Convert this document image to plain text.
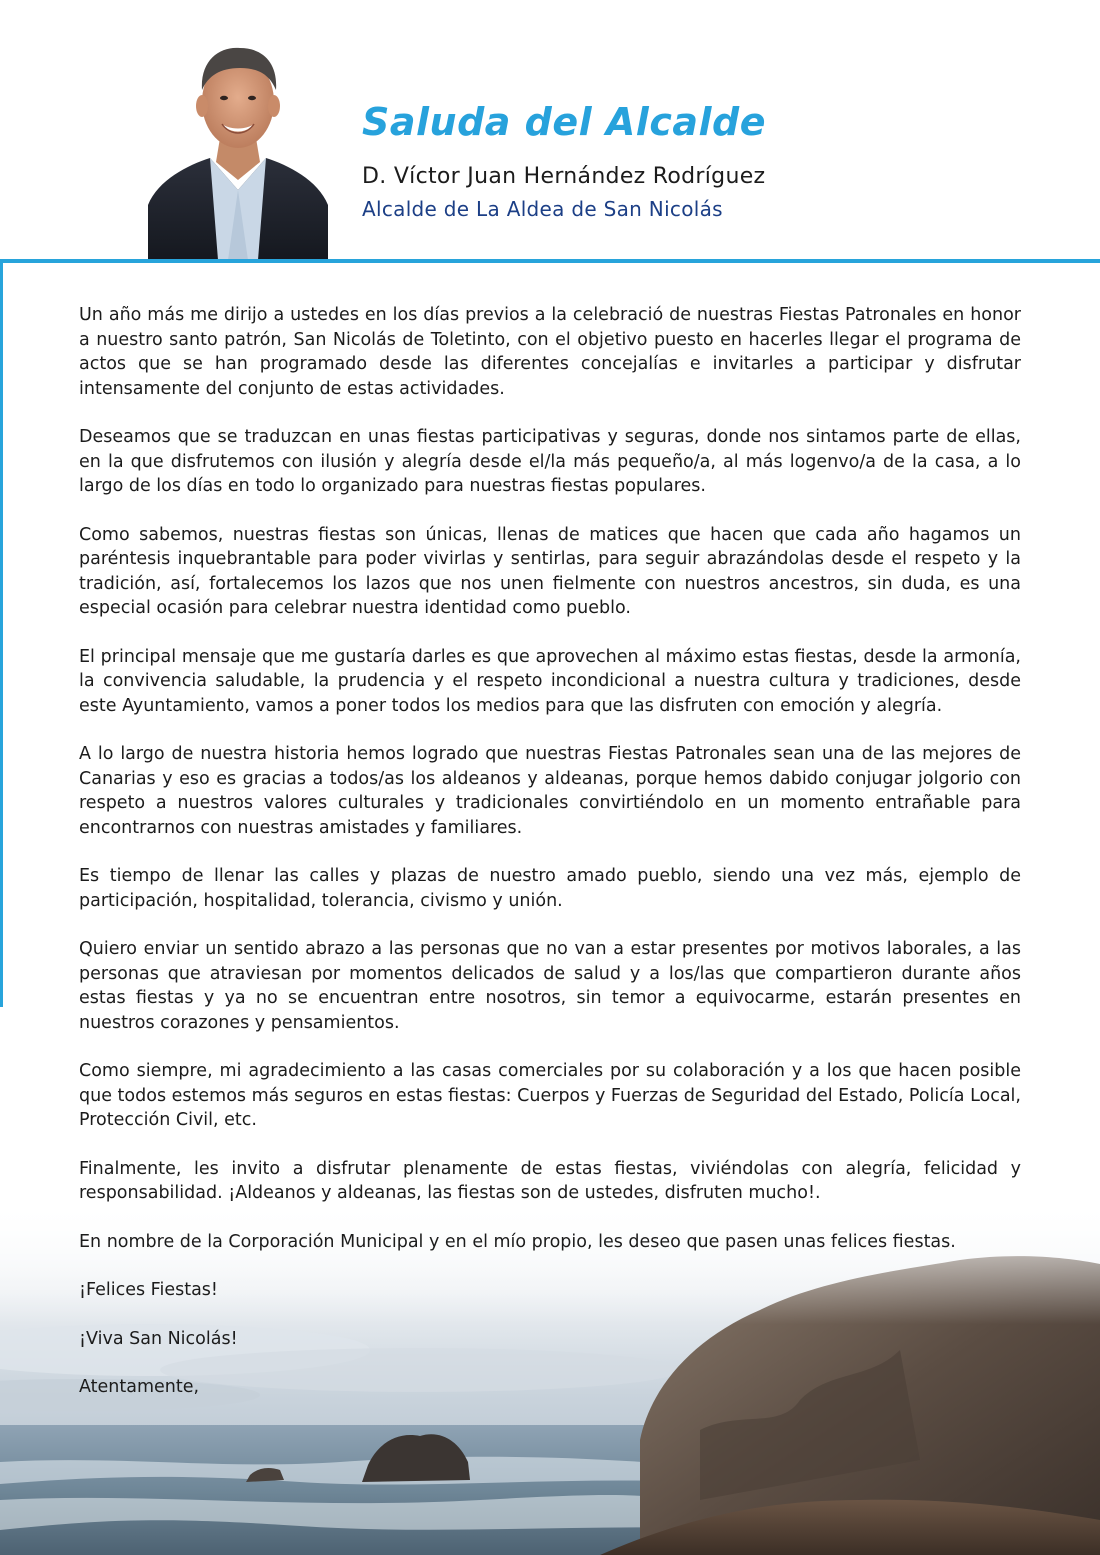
Saluda del Alcalde
D. Víctor Juan Hernández Rodríguez
Alcalde de La Aldea de San Nicolás

Un año más me dirijo a ustedes en los días previos a la celebració de nuestras Fiestas Patronales en honor a nuestro santo patrón, San Nicolás de Toletinto, con el objetivo puesto en hacerles llegar el programa de actos que se han programado desde las diferentes concejalías e invitarles a participar y disfrutar intensamente del conjunto de estas actividades.

Deseamos que se traduzcan en unas fiestas participativas y seguras, donde nos sintamos parte de ellas, en la que disfrutemos con ilusión y alegría desde el/la más pequeño/a, al más logenvo/a de la casa, a lo largo de los días en todo lo organizado para nuestras fiestas populares.

Como sabemos, nuestras fiestas son únicas, llenas de matices que hacen que cada año hagamos un paréntesis inquebrantable para poder vivirlas y sentirlas, para seguir abrazándolas desde el respeto y la tradición, así, fortalecemos los lazos que nos unen fielmente con nuestros ancestros, sin duda, es una especial ocasión para celebrar nuestra identidad como pueblo.

El principal mensaje que me gustaría darles es que aprovechen al máximo estas fiestas, desde la armonía, la convivencia saludable, la prudencia y el respeto incondicional a nuestra cultura y tradiciones, desde este Ayuntamiento, vamos a poner todos los medios para que las disfruten con emoción y alegría.

A lo largo de nuestra historia hemos logrado que nuestras Fiestas Patronales sean una de las mejores de Canarias y eso es gracias a todos/as los aldeanos y aldeanas, porque hemos dabido conjugar jolgorio con respeto a nuestros valores culturales y tradicionales convirtiéndolo en un momento entrañable para encontrarnos con nuestras amistades y familiares.

Es tiempo de llenar las calles y plazas de nuestro amado pueblo, siendo una vez más, ejemplo de participación, hospitalidad, tolerancia, civismo y unión.

Quiero enviar un sentido abrazo a las personas que no van a estar presentes por motivos laborales, a las personas que atraviesan por momentos delicados de salud y a los/las que compartieron durante años estas fiestas y ya no se encuentran entre nosotros, sin temor a equivocarme, estarán presentes en nuestros corazones y pensamientos.

Como siempre, mi agradecimiento a las casas comerciales por su colaboración y a los que hacen posible que todos estemos más seguros en estas fiestas: Cuerpos y Fuerzas de Seguridad del Estado, Policía Local, Protección Civil, etc.

Finalmente, les invito a disfrutar plenamente de estas fiestas, viviéndolas con alegría, felicidad y responsabilidad. ¡Aldeanos y aldeanas, las fiestas son de ustedes, disfruten mucho!.

En nombre de la Corporación Municipal y en el mío propio, les deseo que pasen unas felices fiestas.

¡Felices Fiestas!

¡Viva San Nicolás!

Atentamente,
